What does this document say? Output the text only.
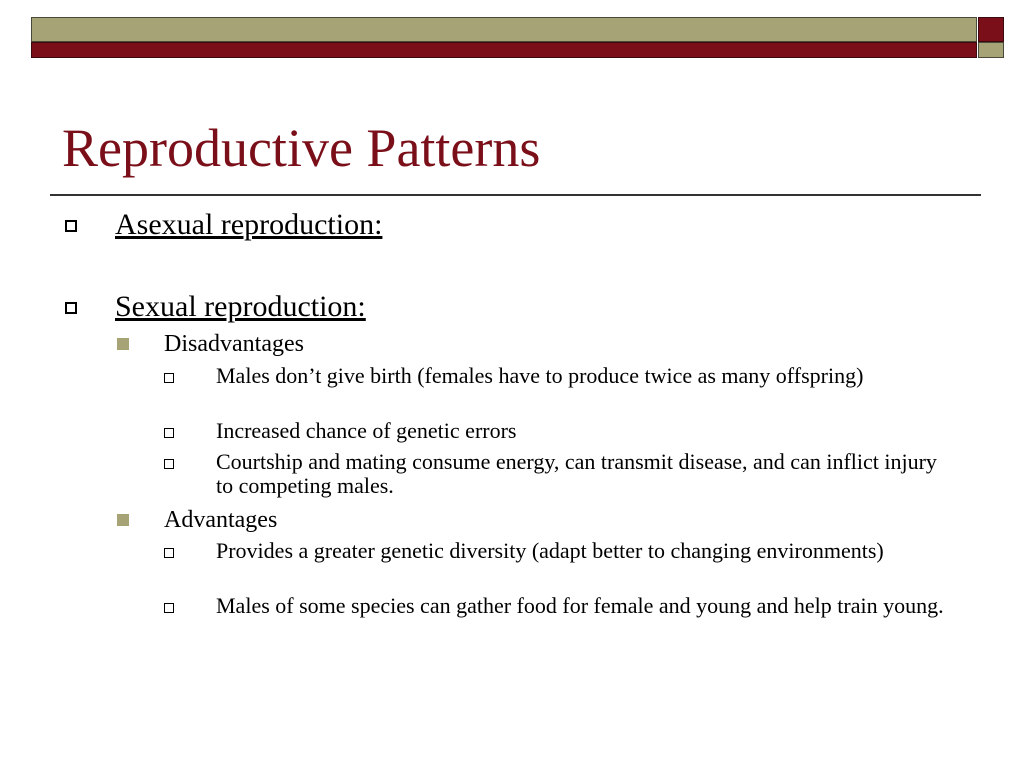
Reproductive Patterns
Asexual reproduction:
Sexual reproduction:
Disadvantages
Males don’t give birth (females have to produce twice as many offspring)
Increased chance of genetic errors
Courtship and mating consume energy, can transmit disease, and can inflict injury to competing males.
Advantages
Provides a greater genetic diversity (adapt better to changing environments)
Males of some species can gather food for female and young and help train young.
